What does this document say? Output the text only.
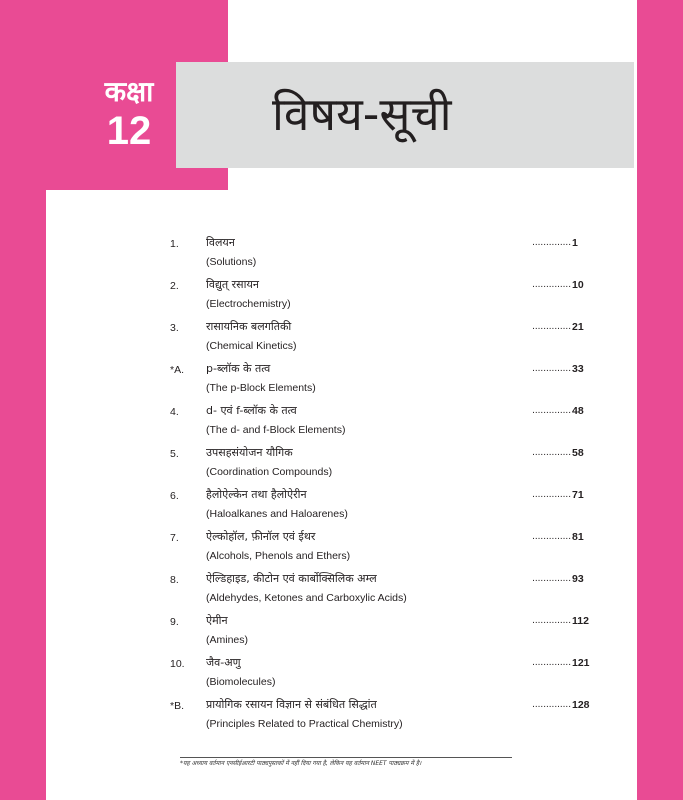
कक्षा
12	विषय-सूची
1. विलयन
(Solutions)
.............. 1
2. विद्युत् रसायन
(Electrochemistry)
.............. 10
3. रासायनिक बलगतिकी
(Chemical Kinetics)
.............. 21
*A. p-ब्लॉक के तत्व
(The p-Block Elements)
.............. 33
4. d- एवं f-ब्लॉक के तत्व
(The d- and f-Block Elements)
.............. 48
5. उपसहसंयोजन यौगिक
(Coordination Compounds)
.............. 58
6. हैलोऐल्केन तथा हैलोऐरीन
(Haloalkanes and Haloarenes)
.............. 71
7. ऐल्कोहॉल, फ़ीनॉल एवं ईथर
(Alcohols, Phenols and Ethers)
.............. 81
8. ऐल्डिहाइड, कीटोन एवं कार्बोक्सिलिक अम्ल
(Aldehydes, Ketones and Carboxylic Acids)
.............. 93
9. ऐमीन
(Amines)
.............. 112
10. जैव-अणु
(Biomolecules)
.............. 121
*B. प्रायोगिक रसायन विज्ञान से संबंधित सिद्धांत
(Principles Related to Practical Chemistry)
.............. 128
*यह अध्याय वर्तमान एनसीईआरटी पाठ्यपुस्तकों में नहीं दिया गया है, लेकिन यह वर्तमान NEET पाठ्यक्रम में है।
